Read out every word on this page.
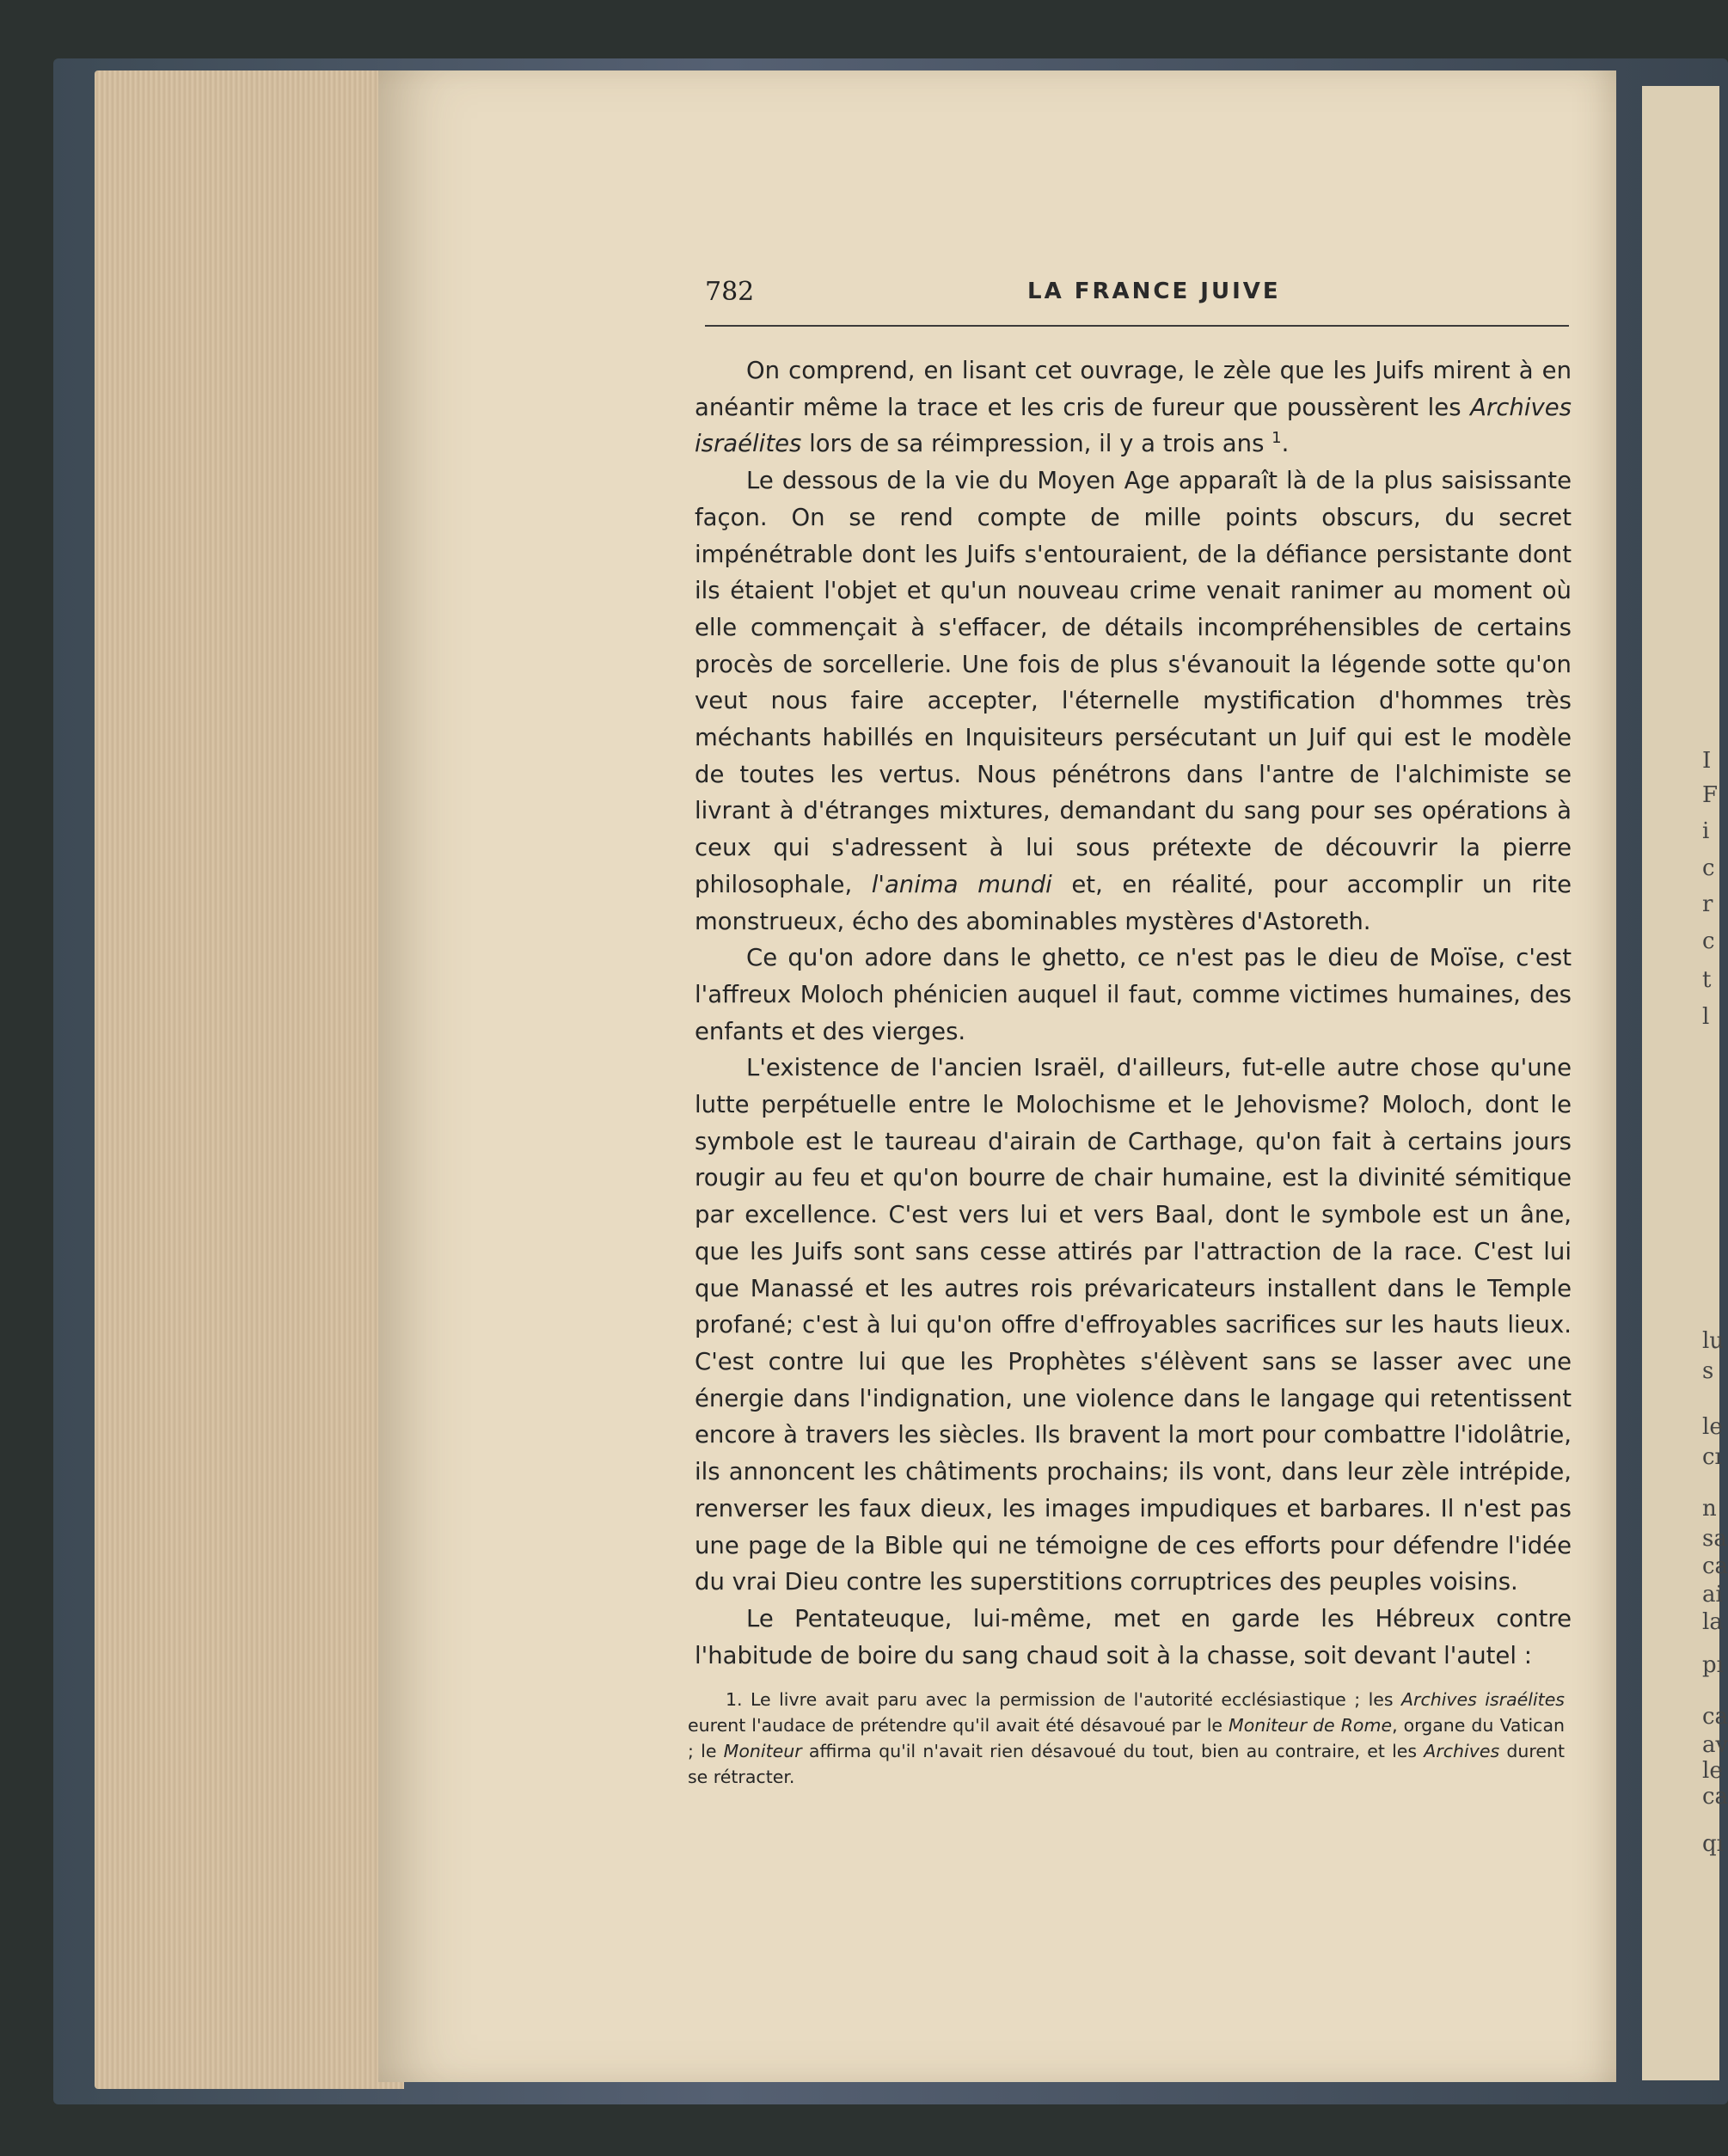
I
F
i
c
r
c
t
l
lu
s
le
cı
n
sa
ca
ai
la
pı
ca
av
le
ca
qı
782	LA FRANCE JUIVE

On comprend, en lisant cet ouvrage, le zèle que les Juifs mirent à en anéantir même la trace et les cris de fureur que poussèrent les Archives israélites lors de sa réimpression, il y a trois ans $^1$.

Le dessous de la vie du Moyen Age apparaît là de la plus saisissante façon. On se rend compte de mille points obscurs, du secret impénétrable dont les Juifs s'entouraient, de la défiance persistante dont ils étaient l'objet et qu'un nouveau crime venait ranimer au moment où elle commençait à s'effacer, de détails incompréhensibles de certains procès de sorcellerie. Une fois de plus s'évanouit la légende sotte qu'on veut nous faire accepter, l'éternelle mystification d'hommes très méchants habillés en Inquisiteurs persécutant un Juif qui est le modèle de toutes les vertus. Nous pénétrons dans l'antre de l'alchimiste se livrant à d'étranges mixtures, demandant du sang pour ses opérations à ceux qui s'adressent à lui sous prétexte de découvrir la pierre philosophale, l'anima mundi et, en réalité, pour accomplir un rite monstrueux, écho des abominables mystères d'Astoreth.

Ce qu'on adore dans le ghetto, ce n'est pas le dieu de Moïse, c'est l'affreux Moloch phénicien auquel il faut, comme victimes humaines, des enfants et des vierges.

L'existence de l'ancien Israël, d'ailleurs, fut-elle autre chose qu'une lutte perpétuelle entre le Molochisme et le Jehovisme? Moloch, dont le symbole est le taureau d'airain de Carthage, qu'on fait à certains jours rougir au feu et qu'on bourre de chair humaine, est la divinité sémitique par excellence. C'est vers lui et vers Baal, dont le symbole est un âne, que les Juifs sont sans cesse attirés par l'attraction de la race. C'est lui que Manassé et les autres rois prévaricateurs installent dans le Temple profané; c'est à lui qu'on offre d'effroyables sacrifices sur les hauts lieux. C'est contre lui que les Prophètes s'élèvent sans se lasser avec une énergie dans l'indignation, une violence dans le langage qui retentissent encore à travers les siècles. Ils bravent la mort pour combattre l'idolâtrie, ils annoncent les châtiments prochains; ils vont, dans leur zèle intrépide, renverser les faux dieux, les images impudiques et barbares. Il n'est pas une page de la Bible qui ne témoigne de ces efforts pour défendre l'idée du vrai Dieu contre les superstitions corruptrices des peuples voisins.

Le Pentateuque, lui-même, met en garde les Hébreux contre l'habitude de boire du sang chaud soit à la chasse, soit devant l'autel :

1. Le livre avait paru avec la permission de l'autorité ecclésiastique ; les Archives israélites eurent l'audace de prétendre qu'il avait été désavoué par le Moniteur de Rome, organe du Vatican ; le Moniteur affirma qu'il n'avait rien désavoué du tout, bien au contraire, et les Archives durent se rétracter.
